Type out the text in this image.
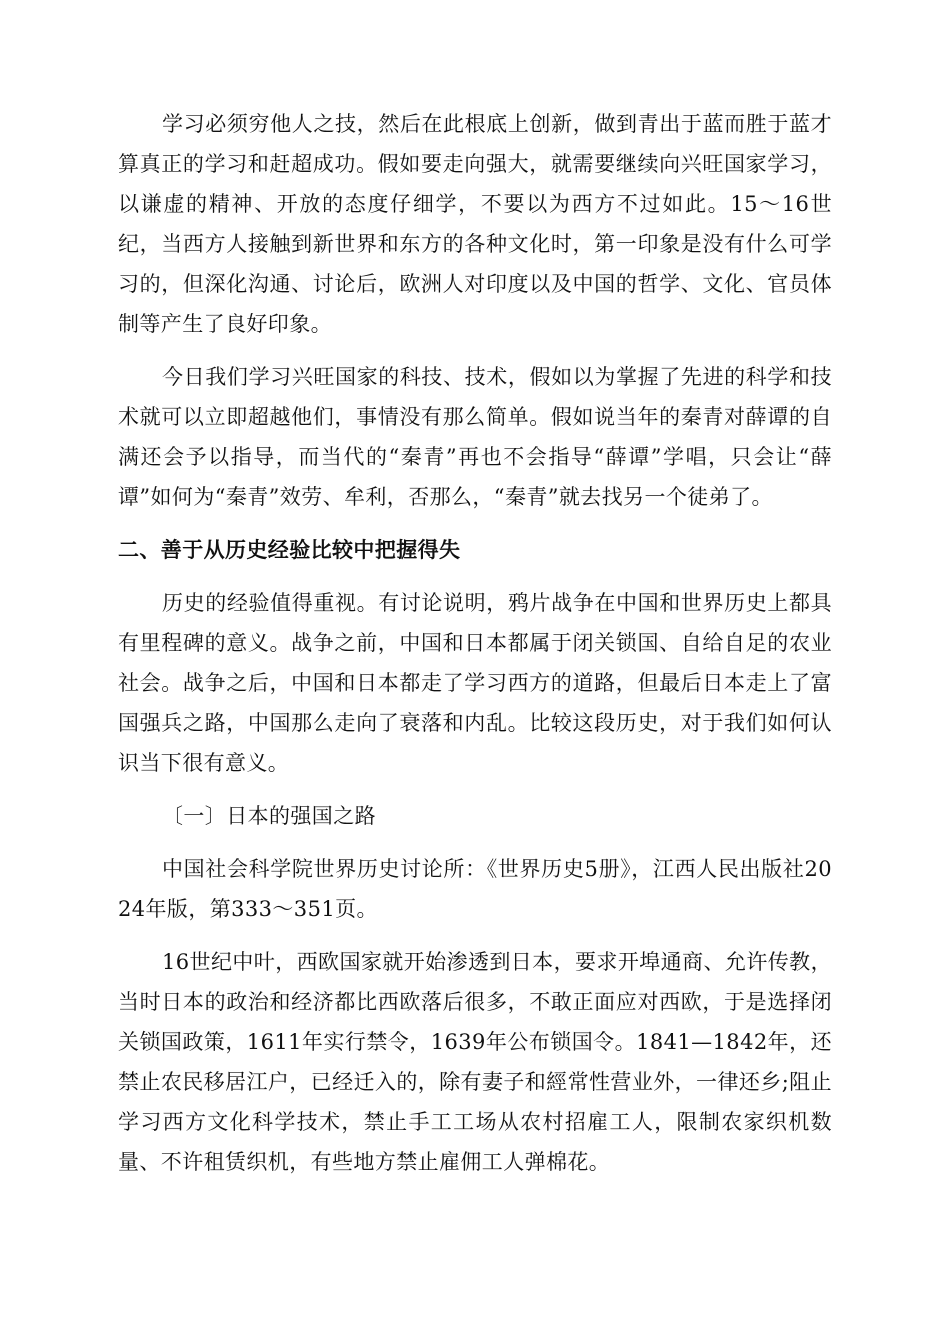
学习必须穷他人之技，然后在此根底上创新，做到青出于蓝而胜于蓝才算真正的学习和赶超成功。假如要走向强大，就需要继续向兴旺国家学习，以谦虚的精神、开放的态度仔细学，不要以为西方不过如此。15～16世纪，当西方人接触到新世界和东方的各种文化时，第一印象是没有什么可学习的，但深化沟通、讨论后，欧洲人对印度以及中国的哲学、文化、官员体制等产生了良好印象。

今日我们学习兴旺国家的科技、技术，假如以为掌握了先进的科学和技术就可以立即超越他们，事情没有那么简单。假如说当年的秦青对薛谭的自满还会予以指导，而当代的“秦青”再也不会指导“薛谭”学唱，只会让“薛谭”如何为“秦青”效劳、牟利，否那么，“秦青”就去找另一个徒弟了。

二、善于从历史经验比较中把握得失

历史的经验值得重视。有讨论说明，鸦片战争在中国和世界历史上都具有里程碑的意义。战争之前，中国和日本都属于闭关锁国、自给自足的农业社会。战争之后，中国和日本都走了学习西方的道路，但最后日本走上了富国强兵之路，中国那么走向了衰落和内乱。比较这段历史，对于我们如何认识当下很有意义。

〔一〕日本的强国之路

中国社会科学院世界历史讨论所：《世界历史5册》，江西人民出版社2024年版，第333～351页。

16世纪中叶，西欧国家就开始渗透到日本，要求开埠通商、允许传教，当时日本的政治和经济都比西欧落后很多，不敢正面应对西欧，于是选择闭关锁国政策，1611年实行禁令，1639年公布锁国令。1841—1842年，还禁止农民移居江户，已经迁入的，除有妻子和經常性营业外，一律还乡;阻止学习西方文化科学技术，禁止手工工场从农村招雇工人，限制农家织机数量、不许租赁织机，有些地方禁止雇佣工人弹棉花。
